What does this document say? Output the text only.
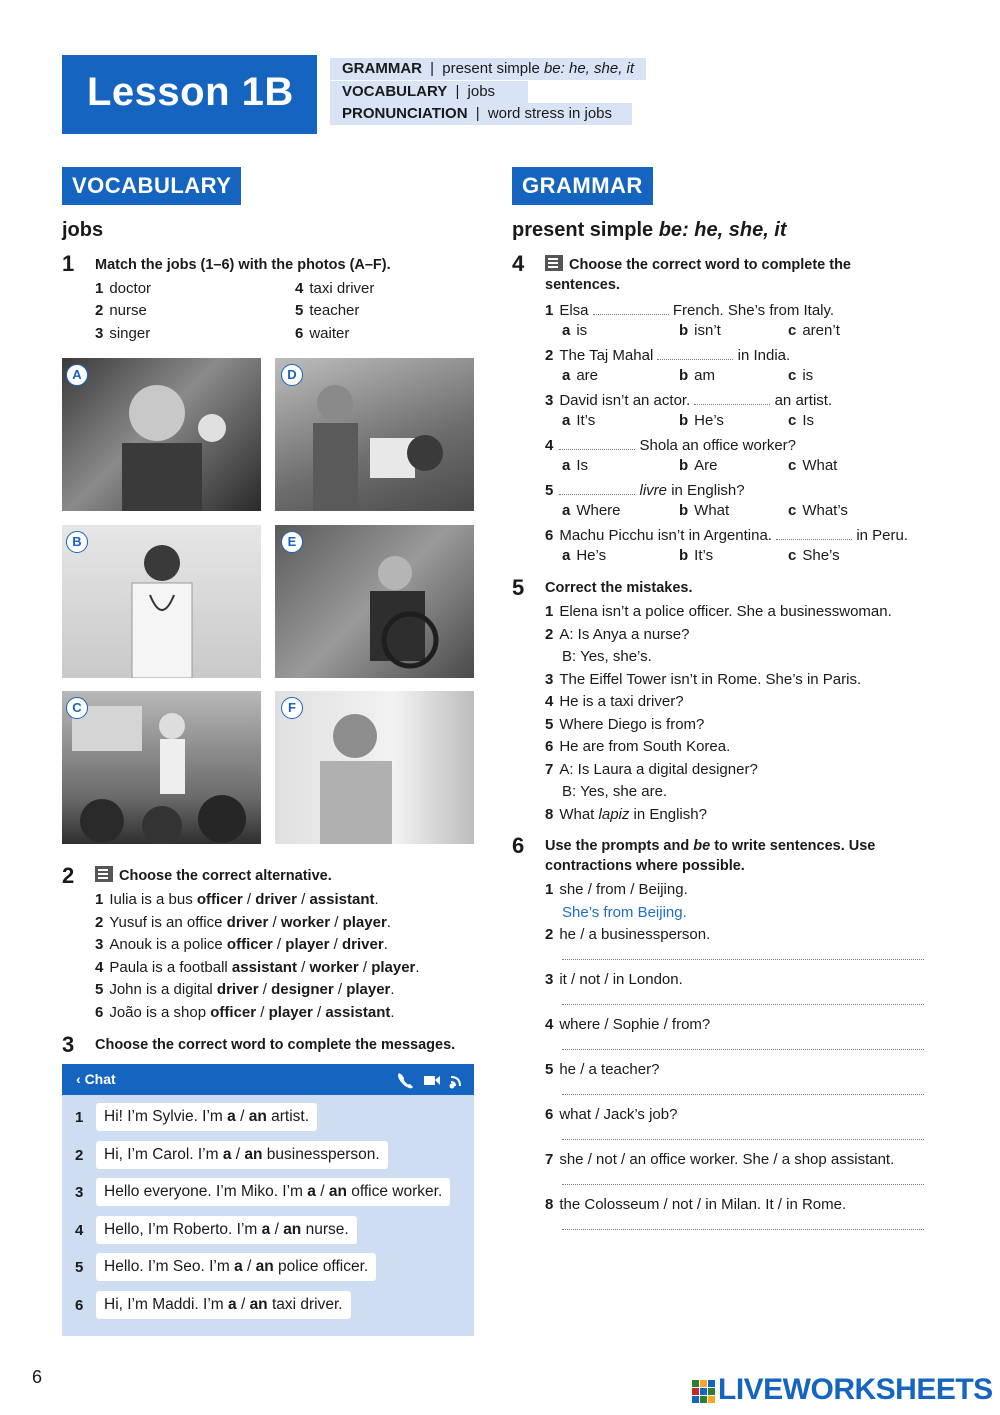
Lesson 1B
GRAMMAR | present simple be: he, she, it
VOCABULARY | jobs
PRONUNCIATION | word stress in jobs
VOCABULARY
jobs
1 Match the jobs (1–6) with the photos (A–F).
1 doctor
2 nurse
3 singer
4 taxi driver
5 teacher
6 waiter
A	D
B	E
C	F
2	Choose the correct alternative.
1 Iulia is a bus officer / driver / assistant.
2 Yusuf is an office driver / worker / player.
3 Anouk is a police officer / player / driver.
4 Paula is a football assistant / worker / player.
5 John is a digital driver / designer / player.
6 João is a shop officer / player / assistant.
3 Choose the correct word to complete the messages.
‹ Chat
1	Hi! I’m Sylvie. I’m a / an artist.
2	Hi, I’m Carol. I’m a / an businessperson.
3	Hello everyone. I’m Miko. I’m a / an office worker.
4	Hello, I’m Roberto. I’m a / an nurse.
5	Hello. I’m Seo. I’m a / an police officer.
6	Hi, I’m Maddi. I’m a / an taxi driver.
GRAMMAR
present simple be: he, she, it
4	Choose the correct word to complete the
sentences.
1 Elsa	French. She’s from Italy.
a is	b isn’t	c aren’t
2 The Taj Mahal	in India.
a are	b am	c is
3 David isn’t an actor.	an artist.
a It’s	b He’s	c Is
4	Shola an office worker?
a Is	b Are	c What
5	livre in English?
a Where	b What	c What’s
6 Machu Picchu isn’t in Argentina.	in Peru.
a He’s	b It’s	c She’s
5 Correct the mistakes.
1 Elena isn’t a police officer. She a businesswoman.
2 A: Is Anya a nurse?
B: Yes, she’s.
3 The Eiffel Tower isn’t in Rome. She’s in Paris.
4 He is a taxi driver?
5 Where Diego is from?
6 He are from South Korea.
7 A: Is Laura a digital designer?
B: Yes, she are.
8 What lapiz in English?
6 Use the prompts and be to write sentences. Use
contractions where possible.
1 she / from / Beijing.
She’s from Beijing.
2 he / a businessperson.
3 it / not / in London.
4 where / Sophie / from?
5 he / a teacher?
6 what / Jack’s job?
7 she / not / an office worker. She / a shop assistant.
8 the Colosseum / not / in Milan. It / in Rome.
6	LIVEWORKSHEETS
